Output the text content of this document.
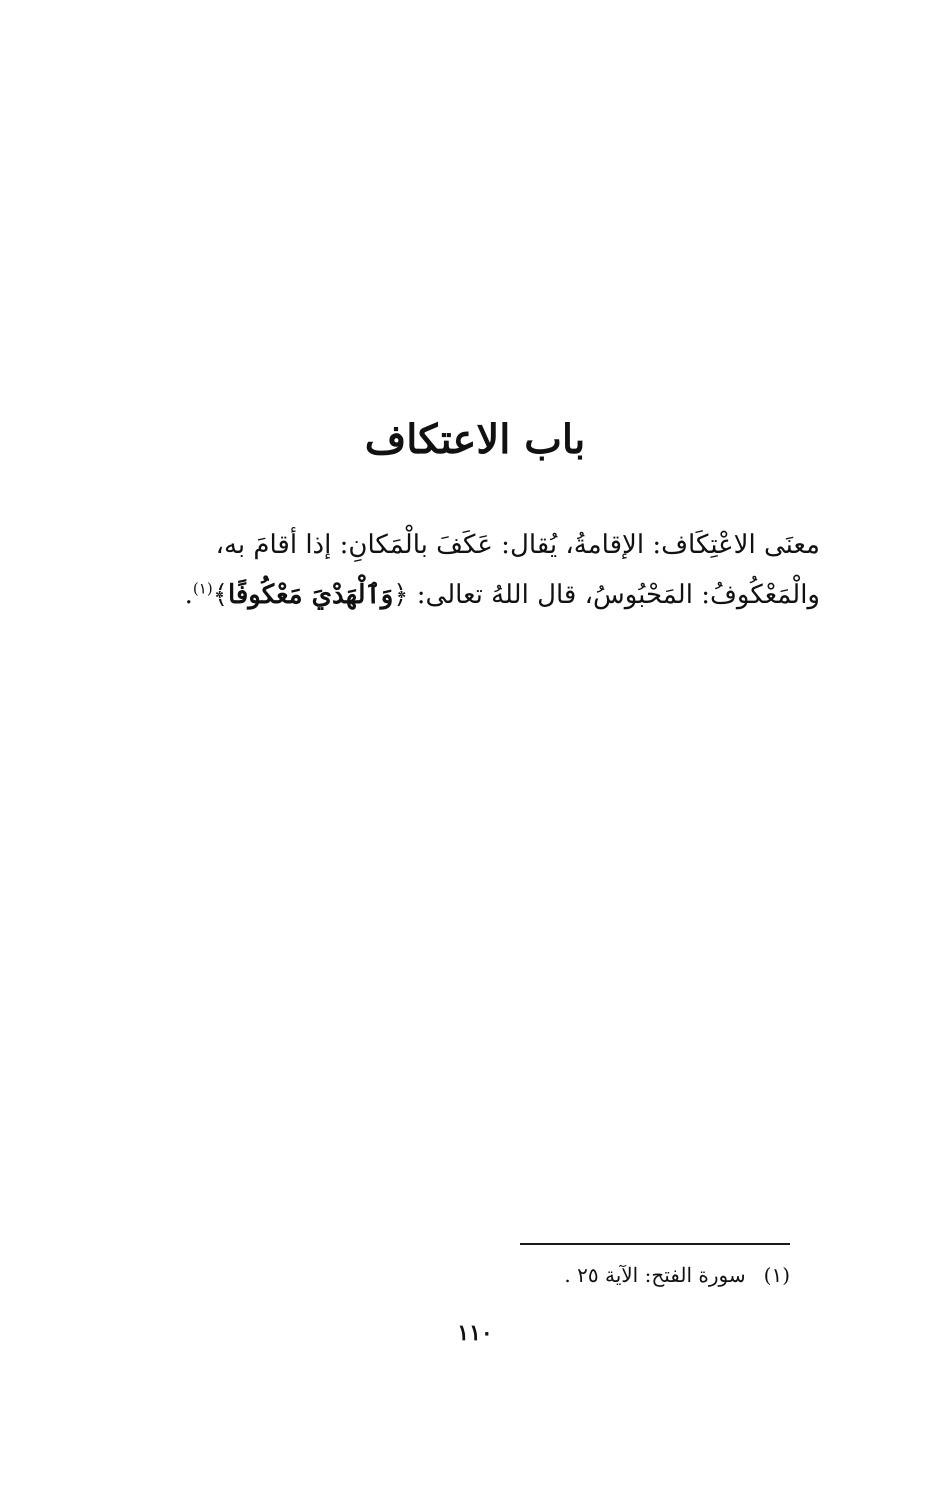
باب الاعتكاف
معنَى الاعْتِكَاف: الإقامةُ، يُقال: عَكَفَ بالْمَكانِ: إذا أقامَ به،
والْمَعْكُوفُ: المَحْبُوسُ، قال اللهُ تعالى: ﴿وَٱلْهَدْيَ مَعْكُوفًا﴾$^{(١)}$.

(١)سورة الفتح: الآية ٢٥ .

١١٠
